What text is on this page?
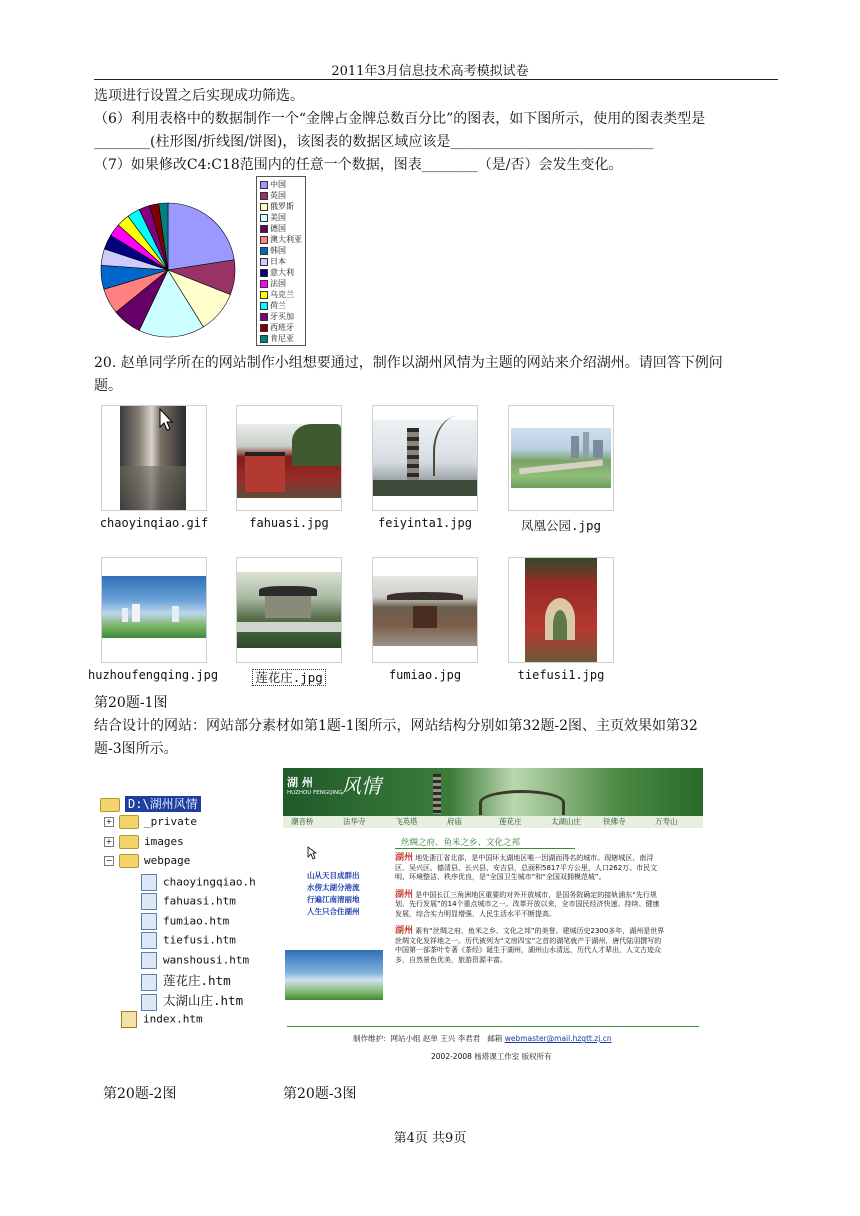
2011年3月信息技术高考模拟试卷
选项进行设置之后实现成功筛选。
（6）利用表格中的数据制作一个“金牌占金牌总数百分比”的图表，如下图所示，使用的图表类型是
________(柱形图/折线图/饼图)，该图表的数据区域应该是_____________________________
（7）如果修改C4:C18范围内的任意一个数据，图表________（是/否）会发生变化。
中国
英国
俄罗斯
美国
德国
澳大利亚
韩国
日本
意大利
法国
乌克兰
荷兰
牙买加
西班牙
肯尼亚
20. 赵单同学所在的网站制作小组想要通过，制作以湖州风情为主题的网站来介绍湖州。请回答下例问
题。
chaoyinqiao.gif	fahuasi.jpg	feiyinta1.jpg	凤凰公园.jpg
huzhoufengqing.jpg	莲花庄.jpg	fumiao.jpg	tiefusi1.jpg
第20题-1图
结合设计的网站：网站部分素材如第1题-1图所示，网站结构分别如第32题-2图、主页效果如第32
题-3图所示。
D:\湖州风情
+	_private
+	images
−	webpage
chaoyingqiao.h
fahuasi.htm
fumiao.htm
tiefusi.htm
wanshousi.htm
莲花庄.htm
太湖山庄.htm
index.htm
湖 州
HUZHOU FENGQING
风情
潮音桥	法华寺	飞英塔	府庙	莲花庄	太湖山庄	铁佛寺	万寿山
丝绸之府、鱼米之乡、文化之邦
山从天目成群出
水傍太湖分港流
行遍江南清丽地
人生只合住湖州
湖州 地处浙江省北部，是中国环太湖地区唯一因湖而得名的城市。现辖城区、南浔区、吴兴区、德清县、长兴县、安吉县，总面积5817平方公里，人口262万。市民文明、环境整洁、秩序优良，是“全国卫生城市”和“全国双拥模范城”。
湖州 是中国长江三角洲地区重要的对外开放城市，是国务院确定的接轨浦东“先行规划、先行发展”的14个重点城市之一。改革开放以来，全市国民经济快速、持续、健康发展，综合实力明显增强，人民生活水平不断提高。
湖州 素有“丝绸之府、鱼米之乡、文化之邦”的美誉。建城历史2300多年，湖州是世界丝绸文化发祥地之一。历代被列为“文房四宝”之首的湖笔就产于湖州，唐代陆羽撰写的中国第一部茶叶专著《茶经》诞生于湖州，湖州山水清远，历代人才辈出，人文古迹众多，自然景色优美，旅游资源丰富。
制作维护：网站小组 赵单 王兴 李君君 邮箱 webmaster@mail.hzgtt.zj.cn
2002-2008 杨塔课工作室 版权所有
第20题-2图	第20题-3图
第4页 共9页
